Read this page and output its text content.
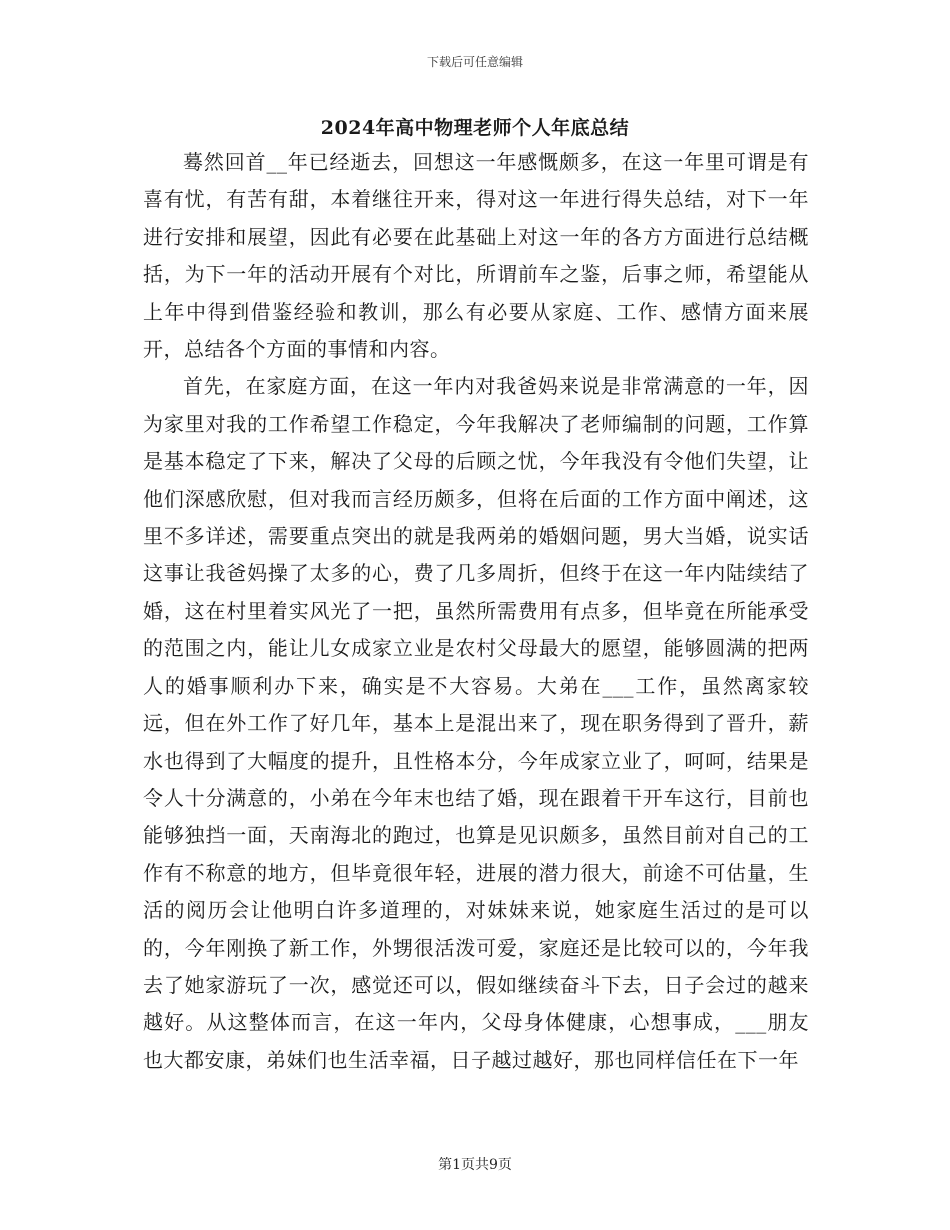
下载后可任意编辑
2024年高中物理老师个人年底总结

蓦然回首__年已经逝去，回想这一年感慨颇多，在这一年里可谓是有喜有忧，有苦有甜，本着继往开来，得对这一年进行得失总结，对下一年进行安排和展望，因此有必要在此基础上对这一年的各方方面进行总结概括，为下一年的活动开展有个对比，所谓前车之鉴，后事之师，希望能从上年中得到借鉴经验和教训，那么有必要从家庭、工作、感情方面来展开，总结各个方面的事情和内容。

首先，在家庭方面，在这一年内对我爸妈来说是非常满意的一年，因为家里对我的工作希望工作稳定，今年我解决了老师编制的问题，工作算是基本稳定了下来，解决了父母的后顾之忧，今年我没有令他们失望，让他们深感欣慰，但对我而言经历颇多，但将在后面的工作方面中阐述，这里不多详述，需要重点突出的就是我两弟的婚姻问题，男大当婚，说实话这事让我爸妈操了太多的心，费了几多周折，但终于在这一年内陆续结了婚，这在村里着实风光了一把，虽然所需费用有点多，但毕竟在所能承受的范围之内，能让儿女成家立业是农村父母最大的愿望，能够圆满的把两人的婚事顺利办下来，确实是不大容易。大弟在___工作，虽然离家较远，但在外工作了好几年，基本上是混出来了，现在职务得到了晋升，薪水也得到了大幅度的提升，且性格本分，今年成家立业了，呵呵，结果是令人十分满意的，小弟在今年末也结了婚，现在跟着干开车这行，目前也能够独挡一面，天南海北的跑过，也算是见识颇多，虽然目前对自己的工作有不称意的地方，但毕竟很年轻，进展的潜力很大，前途不可估量，生活的阅历会让他明白许多道理的，对妹妹来说，她家庭生活过的是可以的，今年刚换了新工作，外甥很活泼可爱，家庭还是比较可以的，今年我去了她家游玩了一次，感觉还可以，假如继续奋斗下去，日子会过的越来越好。从这整体而言，在这一年内，父母身体健康，心想事成，___朋友也大都安康，弟妹们也生活幸福，日子越过越好，那也同样信任在下一年

第1页共9页
